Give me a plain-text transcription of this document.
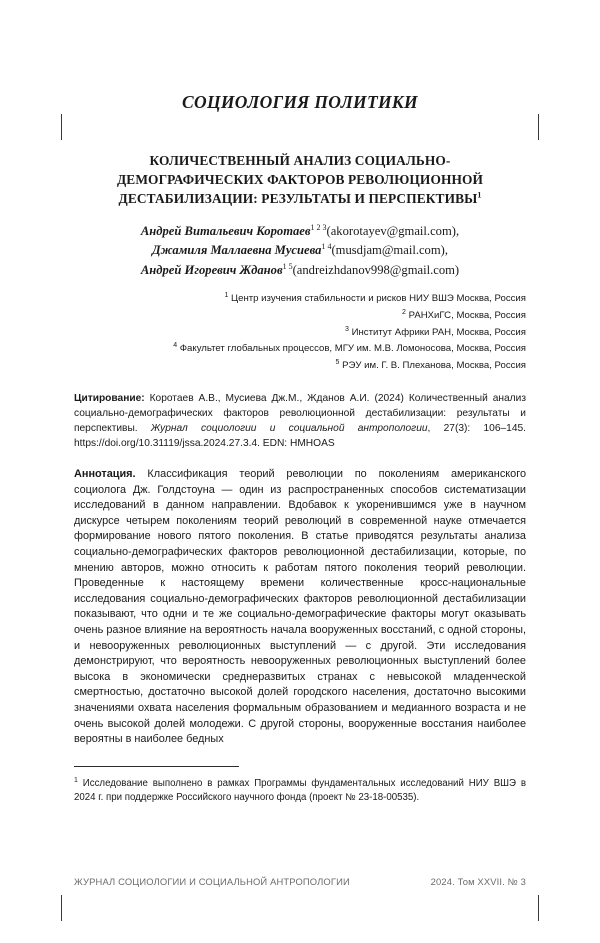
СОЦИОЛОГИЯ ПОЛИТИКИ
КОЛИЧЕСТВЕННЫЙ АНАЛИЗ СОЦИАЛЬНО-
ДЕМОГРАФИЧЕСКИХ ФАКТОРОВ РЕВОЛЮЦИОННОЙ
ДЕСТАБИЛИЗАЦИИ: РЕЗУЛЬТАТЫ И ПЕРСПЕКТИВЫ$^1$
Андрей Витальевич Коротаев$^{1 2 3}$(akorotayev@gmail.com),
Джамиля Маллаевна Мусиева$^{1 4}$(musdjam@mail.com),
Андрей Игоревич Жданов$^{1 5}$(andreizhdanov998@gmail.com)
$^1$ Центр изучения стабильности и рисков НИУ ВШЭ Москва, Россия
$^2$ РАНХиГС, Москва, Россия
$^3$ Институт Африки РАН, Москва, Россия
$^4$ Факультет глобальных процессов, МГУ им. М.В. Ломоносова, Москва, Россия
$^5$ РЭУ им. Г. В. Плеханова, Москва, Россия
Цитирование: Коротаев А.В., Мусиева Дж.М., Жданов А.И. (2024) Количественный анализ социально-демографических факторов революционной дестабилизации: результаты и перспективы. Журнал социологии и социальной антропологии, 27(3): 106–145. https://doi.org/10.31119/jssa.2024.27.3.4. EDN: HMHOAS
Аннотация. Классификация теорий революции по поколениям американского социолога Дж. Голдстоуна — один из распространенных способов систематизации исследований в данном направлении. Вдобавок к укоренившимся уже в научном дискурсе четырем поколениям теорий революций в современной науке отмечается формирование нового пятого поколения. В статье приводятся результаты анализа социально-демографических факторов революционной дестабилизации, которые, по мнению авторов, можно относить к работам пятого поколения теорий революции. Проведенные к настоящему времени количественные кросс-национальные исследования социально-демографических факторов революционной дестабилизации показывают, что одни и те же социально-демографические факторы могут оказывать очень разное влияние на вероятность начала вооруженных восстаний, с одной стороны, и невооруженных революционных выступлений — с другой. Эти исследования демонстрируют, что вероятность невооруженных революционных выступлений более высока в экономически среднеразвитых странах с невысокой младенческой смертностью, достаточно высокой долей городского населения, достаточно высокими значениями охвата населения формальным образованием и медианного возраста и не очень высокой долей молодежи. С другой стороны, вооруженные восстания наиболее вероятны в наиболее бедных
$^1$ Исследование выполнено в рамках Программы фундаментальных исследований НИУ ВШЭ в 2024 г. при поддержке Российского научного фонда (проект № 23-18-00535).
ЖУРНАЛ СОЦИОЛОГИИ И СОЦИАЛЬНОЙ АНТРОПОЛОГИИ	2024. Том XXVII. № 3
